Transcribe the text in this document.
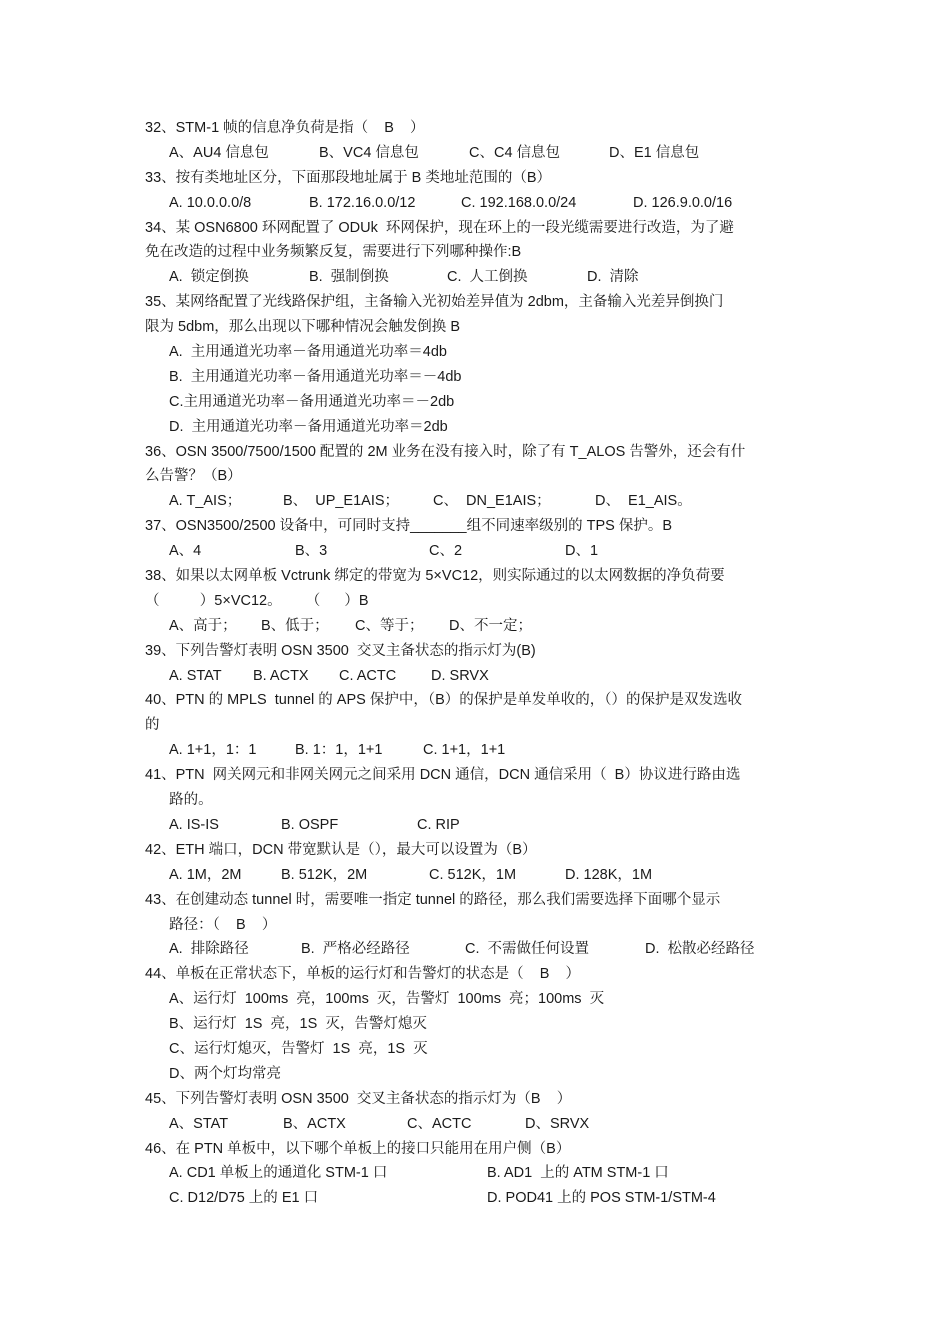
32、STM-1 帧的信息净负荷是指（    B    ）
A、AU4 信息包	B、VC4 信息包	C、C4 信息包	D、E1 信息包
33、按有类地址区分，下面那段地址属于 B 类地址范围的（B）
A. 10.0.0.0/8	B. 172.16.0.0/12	C. 192.168.0.0/24	D. 126.9.0.0/16
34、某 OSN6800 环网配置了 ODUk  环网保护，现在环上的一段光缆需要进行改造，为了避
免在改造的过程中业务频繁反复，需要进行下列哪种操作:B
A.  锁定倒换	B.  强制倒换	C.  人工倒换	D.  清除
35、某网络配置了光线路保护组，主备输入光初始差异值为 2dbm，主备输入光差异倒换门
限为 5dbm，那么出现以下哪种情况会触发倒换 B
A.  主用通道光功率－备用通道光功率＝4db
B.  主用通道光功率－备用通道光功率＝－4db
C.主用通道光功率－备用通道光功率＝－2db
D.  主用通道光功率－备用通道光功率＝2db
36、OSN 3500/7500/1500 配置的 2M 业务在没有接入时，除了有 T_ALOS 告警外，还会有什
么告警？（B）
A. T_AIS；	B、  UP_E1AIS； C、  DN_E1AIS；	D、  E1_AIS。
37、OSN3500/2500 设备中，可同时支持_______组不同速率级别的 TPS 保护。B
A、4	B、3	C、2	D、1
38、如果以太网单板 Vctrunk 绑定的带宽为 5×VC12，则实际通过的以太网数据的净负荷要
（          ）5×VC12。      （      ）B
A、高于； B、低于； C、等于； D、不一定；
39、下列告警灯表明 OSN 3500  交叉主备状态的指示灯为(B)
A. STAT B. ACTX C. ACTC D. SRVX
40、PTN 的 MPLS  tunnel 的 APS 保护中，（B）的保护是单发单收的，（）的保护是双发选收
的
A. 1+1，1：1	B. 1：1，1+1	C. 1+1，1+1
41、PTN  网关网元和非网关网元之间采用 DCN 通信，DCN 通信采用（  B）协议进行路由选
路的。
A. IS-IS	B. OSPF	C. RIP
42、ETH 端口，DCN 带宽默认是（），最大可以设置为（B）
A. 1M，2M	B. 512K，2M	C. 512K，1M	D. 128K，1M
43、在创建动态 tunnel 时，需要唯一指定 tunnel 的路径，那么我们需要选择下面哪个显示
路径：（    B    ）
A.  排除路径	B.  严格必经路径	C.  不需做任何设置	D.  松散必经路径
44、单板在正常状态下，单板的运行灯和告警灯的状态是（    B    ）
A、运行灯  100ms  亮，100ms  灭，告警灯  100ms  亮；100ms  灭
B、运行灯  1S  亮，1S  灭，告警灯熄灭
C、运行灯熄灭，告警灯  1S  亮，1S  灭
D、两个灯均常亮
45、下列告警灯表明 OSN 3500  交叉主备状态的指示灯为（B    ）
A、STAT	B、ACTX	C、ACTC	D、SRVX
46、在 PTN 单板中，以下哪个单板上的接口只能用在用户侧（B）
A. CD1 单板上的通道化 STM-1 口	B. AD1  上的 ATM STM-1 口
C. D12/D75 上的 E1 口	D. POD41 上的 POS STM-1/STM-4
